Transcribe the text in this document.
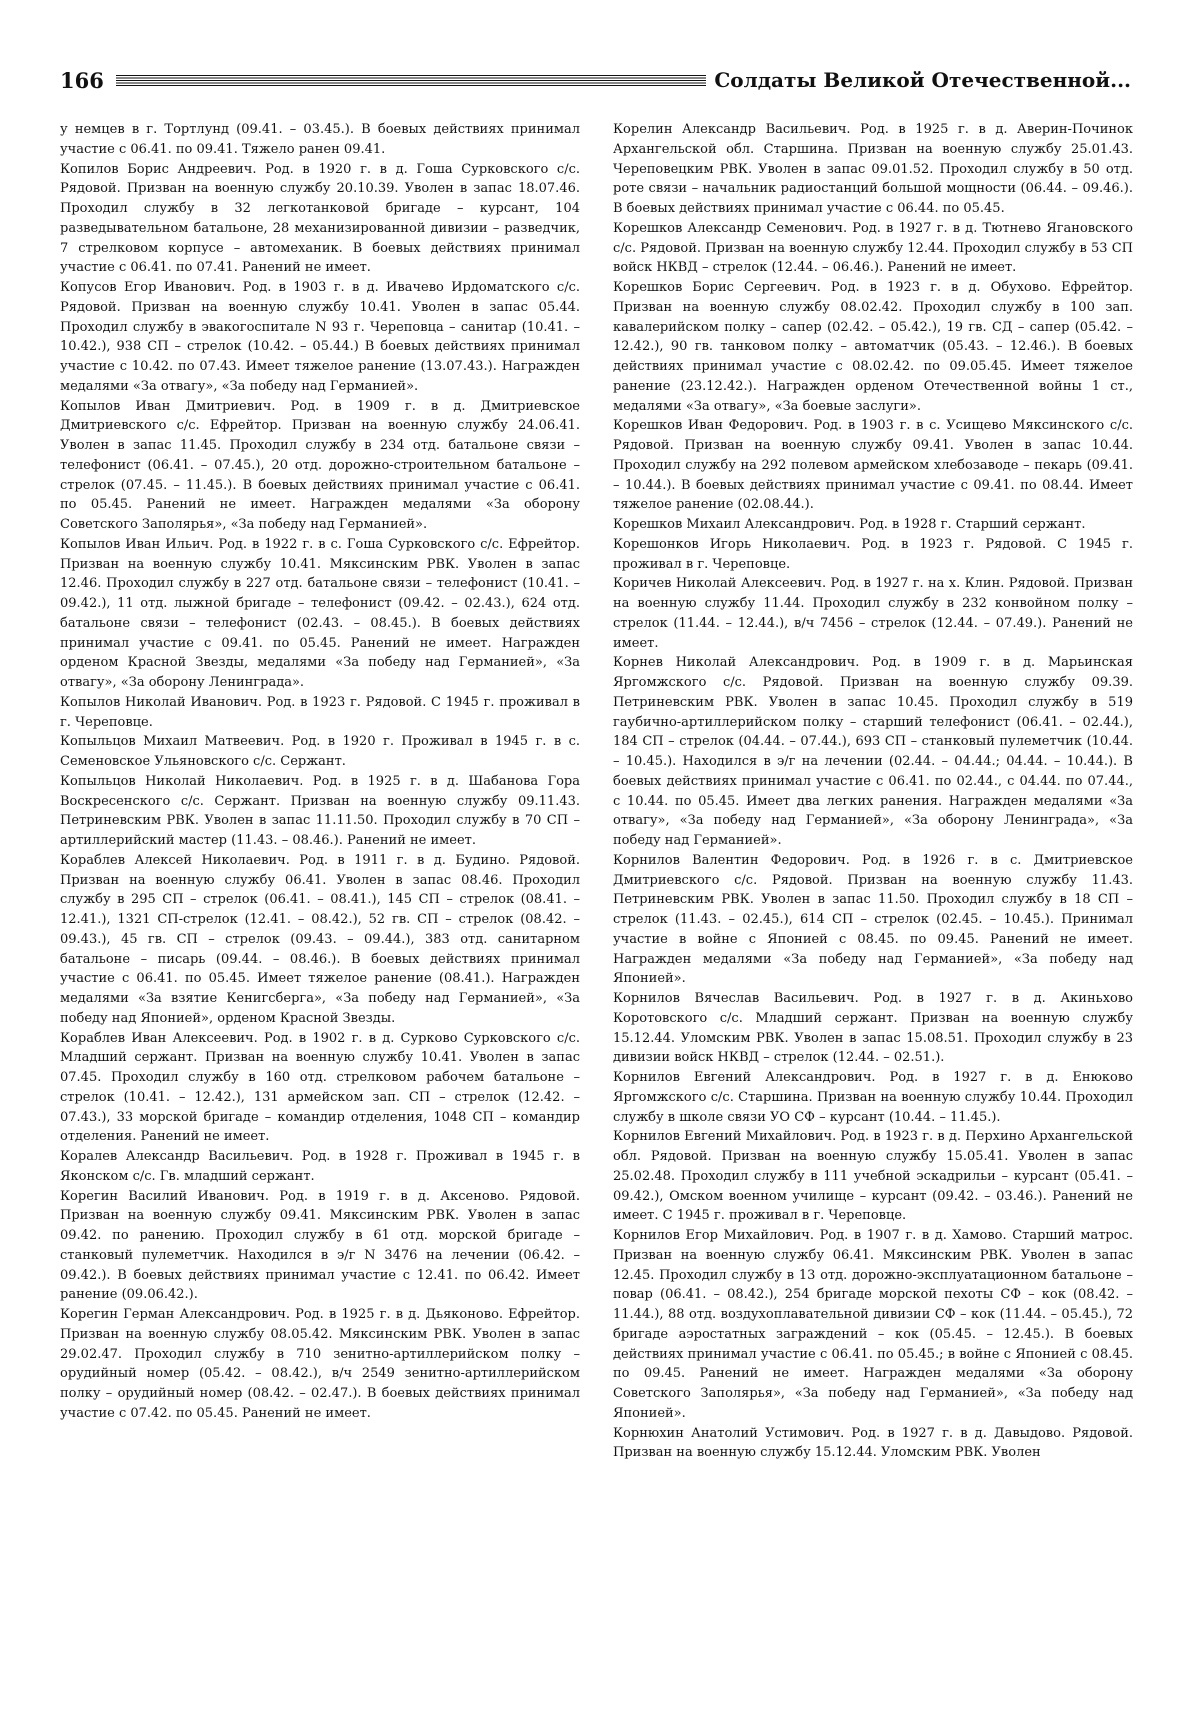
166	Солдаты Великой Отечественной...

у немцев в г. Тортлунд (09.41. – 03.45.). В боевых действиях принимал участие с 06.41. по 09.41. Тяжело ранен 09.41.

Копилов Борис Андреевич. Род. в 1920 г. в д. Гоша Сурковского с/с. Рядовой. Призван на военную службу 20.10.39. Уволен в запас 18.07.46. Проходил службу в 32 легкотанковой бригаде – курсант, 104 разведывательном батальоне, 28 механизированной дивизии – разведчик, 7 стрелковом корпусе – автомеханик. В боевых действиях принимал участие с 06.41. по 07.41. Ранений не имеет.

Копусов Егор Иванович. Род. в 1903 г. в д. Ивачево Ирдоматского с/с. Рядовой. Призван на военную службу 10.41. Уволен в запас 05.44. Проходил службу в эвакогоспитале N 93 г. Череповца – санитар (10.41. – 10.42.), 938 СП – стрелок (10.42. – 05.44.) В боевых действиях принимал участие с 10.42. по 07.43. Имеет тяжелое ранение (13.07.43.). Награжден медалями «За отвагу», «За победу над Германией».

Копылов Иван Дмитриевич. Род. в 1909 г. в д. Дмитриевское Дмитриевского с/с. Ефрейтор. Призван на военную службу 24.06.41. Уволен в запас 11.45. Проходил службу в 234 отд. батальоне связи – телефонист (06.41. – 07.45.), 20 отд. дорожно-строительном батальоне – стрелок (07.45. – 11.45.). В боевых действиях принимал участие с 06.41. по 05.45. Ранений не имеет. Награжден медалями «За оборону Советского Заполярья», «За победу над Германией».

Копылов Иван Ильич. Род. в 1922 г. в с. Гоша Сурковского с/с. Ефрейтор. Призван на военную службу 10.41. Мяксинским РВК. Уволен в запас 12.46. Проходил службу в 227 отд. батальоне связи – телефонист (10.41. – 09.42.), 11 отд. лыжной бригаде – телефонист (09.42. – 02.43.), 624 отд. батальоне связи – телефонист (02.43. – 08.45.). В боевых действиях принимал участие с 09.41. по 05.45. Ранений не имеет. Награжден орденом Красной Звезды, медалями «За победу над Германией», «За отвагу», «За оборону Ленинграда».

Копылов Николай Иванович. Род. в 1923 г. Рядовой. С 1945 г. проживал в г. Череповце.

Копыльцов Михаил Матвеевич. Род. в 1920 г. Проживал в 1945 г. в с. Семеновское Ульяновского с/с. Сержант.

Копыльцов Николай Николаевич. Род. в 1925 г. в д. Шабанова Гора Воскресенского с/с. Сержант. Призван на военную службу 09.11.43. Петриневским РВК. Уволен в запас 11.11.50. Проходил службу в 70 СП – артиллерийский мастер (11.43. – 08.46.). Ранений не имеет.

Кораблев Алексей Николаевич. Род. в 1911 г. в д. Будино. Рядовой. Призван на военную службу 06.41. Уволен в запас 08.46. Проходил службу в 295 СП – стрелок (06.41. – 08.41.), 145 СП – стрелок (08.41. – 12.41.), 1321 СП-стрелок (12.41. – 08.42.), 52 гв. СП – стрелок (08.42. – 09.43.), 45 гв. СП – стрелок (09.43. – 09.44.), 383 отд. санитарном батальоне – писарь (09.44. – 08.46.). В боевых действиях принимал участие с 06.41. по 05.45. Имеет тяжелое ранение (08.41.). Награжден медалями «За взятие Кенигсберга», «За победу над Германией», «За победу над Японией», орденом Красной Звезды.

Кораблев Иван Алексеевич. Род. в 1902 г. в д. Сурково Сурковского с/с. Младший сержант. Призван на военную службу 10.41. Уволен в запас 07.45. Проходил службу в 160 отд. стрелковом рабочем батальоне – стрелок (10.41. – 12.42.), 131 армейском зап. СП – стрелок (12.42. – 07.43.), 33 морской бригаде – командир отделения, 1048 СП – командир отделения. Ранений не имеет.

Коралев Александр Васильевич. Род. в 1928 г. Проживал в 1945 г. в Яконском с/с. Гв. младший сержант.

Корегин Василий Иванович. Род. в 1919 г. в д. Аксеново. Рядовой. Призван на военную службу 09.41. Мяксинским РВК. Уволен в запас 09.42. по ранению. Проходил службу в 61 отд. морской бригаде – станковый пулеметчик. Находился в э/г N 3476 на лечении (06.42. – 09.42.). В боевых действиях принимал участие с 12.41. по 06.42. Имеет ранение (09.06.42.).

Корегин Герман Александрович. Род. в 1925 г. в д. Дьяконово. Ефрейтор. Призван на военную службу 08.05.42. Мяксинским РВК. Уволен в запас 29.02.47. Проходил службу в 710 зенитно-артиллерийском полку – орудийный номер (05.42. – 08.42.), в/ч 2549 зенитно-артиллерийском полку – орудийный номер (08.42. – 02.47.). В боевых действиях принимал участие с 07.42. по 05.45. Ранений не имеет.

Корелин Александр Васильевич. Род. в 1925 г. в д. Аверин-Починок Архангельской обл. Старшина. Призван на военную службу 25.01.43. Череповецким РВК. Уволен в запас 09.01.52. Проходил службу в 50 отд. роте связи – начальник радиостанций большой мощности (06.44. – 09.46.). В боевых действиях принимал участие с 06.44. по 05.45.

Корешков Александр Семенович. Род. в 1927 г. в д. Тютнево Ягановского с/с. Рядовой. Призван на военную службу 12.44. Проходил службу в 53 СП войск НКВД – стрелок (12.44. – 06.46.). Ранений не имеет.

Корешков Борис Сергеевич. Род. в 1923 г. в д. Обухово. Ефрейтор. Призван на военную службу 08.02.42. Проходил службу в 100 зап. кавалерийском полку – сапер (02.42. – 05.42.), 19 гв. СД – сапер (05.42. – 12.42.), 90 гв. танковом полку – автоматчик (05.43. – 12.46.). В боевых действиях принимал участие с 08.02.42. по 09.05.45. Имеет тяжелое ранение (23.12.42.). Награжден орденом Отечественной войны 1 ст., медалями «За отвагу», «За боевые заслуги».

Корешков Иван Федорович. Род. в 1903 г. в с. Усищево Мяксинского с/с. Рядовой. Призван на военную службу 09.41. Уволен в запас 10.44. Проходил службу на 292 полевом армейском хлебозаводе – пекарь (09.41. – 10.44.). В боевых действиях принимал участие с 09.41. по 08.44. Имеет тяжелое ранение (02.08.44.).

Корешков Михаил Александрович. Род. в 1928 г. Старший сержант.

Корешонков Игорь Николаевич. Род. в 1923 г. Рядовой. С 1945 г. проживал в г. Череповце.

Коричев Николай Алексеевич. Род. в 1927 г. на х. Клин. Рядовой. Призван на военную службу 11.44. Проходил службу в 232 конвойном полку – стрелок (11.44. – 12.44.), в/ч 7456 – стрелок (12.44. – 07.49.). Ранений не имеет.

Корнев Николай Александрович. Род. в 1909 г. в д. Марьинская Яргомжского с/с. Рядовой. Призван на военную службу 09.39. Петриневским РВК. Уволен в запас 10.45. Проходил службу в 519 гаубично-артиллерийском полку – старший телефонист (06.41. – 02.44.), 184 СП – стрелок (04.44. – 07.44.), 693 СП – станковый пулеметчик (10.44. – 10.45.). Находился в э/г на лечении (02.44. – 04.44.; 04.44. – 10.44.). В боевых действиях принимал участие с 06.41. по 02.44., с 04.44. по 07.44., с 10.44. по 05.45. Имеет два легких ранения. Награжден медалями «За отвагу», «За победу над Германией», «За оборону Ленинграда», «За победу над Германией».

Корнилов Валентин Федорович. Род. в 1926 г. в с. Дмитриевское Дмитриевского с/с. Рядовой. Призван на военную службу 11.43. Петриневским РВК. Уволен в запас 11.50. Проходил службу в 18 СП – стрелок (11.43. – 02.45.), 614 СП – стрелок (02.45. – 10.45.). Принимал участие в войне с Японией с 08.45. по 09.45. Ранений не имеет. Награжден медалями «За победу над Германией», «За победу над Японией».

Корнилов Вячеслав Васильевич. Род. в 1927 г. в д. Акиньхово Коротовского с/с. Младший сержант. Призван на военную службу 15.12.44. Уломским РВК. Уволен в запас 15.08.51. Проходил службу в 23 дивизии войск НКВД – стрелок (12.44. – 02.51.).

Корнилов Евгений Александрович. Род. в 1927 г. в д. Енюково Яргомжского с/с. Старшина. Призван на военную службу 10.44. Проходил службу в школе связи УО СФ – курсант (10.44. – 11.45.).

Корнилов Евгений Михайлович. Род. в 1923 г. в д. Перхино Архангельской обл. Рядовой. Призван на военную службу 15.05.41. Уволен в запас 25.02.48. Проходил службу в 111 учебной эскадрильи – курсант (05.41. – 09.42.), Омском военном училище – курсант (09.42. – 03.46.). Ранений не имеет. С 1945 г. проживал в г. Череповце.

Корнилов Егор Михайлович. Род. в 1907 г. в д. Хамово. Старший матрос. Призван на военную службу 06.41. Мяксинским РВК. Уволен в запас 12.45. Проходил службу в 13 отд. дорожно-эксплуатационном батальоне – повар (06.41. – 08.42.), 254 бригаде морской пехоты СФ – кок (08.42. – 11.44.), 88 отд. воздухоплавательной дивизии СФ – кок (11.44. – 05.45.), 72 бригаде аэростатных заграждений – кок (05.45. – 12.45.). В боевых действиях принимал участие с 06.41. по 05.45.; в войне с Японией с 08.45. по 09.45. Ранений не имеет. Награжден медалями «За оборону Советского Заполярья», «За победу над Германией», «За победу над Японией».

Корнюхин Анатолий Устимович. Род. в 1927 г. в д. Давыдово. Рядовой. Призван на военную службу 15.12.44. Уломским РВК. Уволен
